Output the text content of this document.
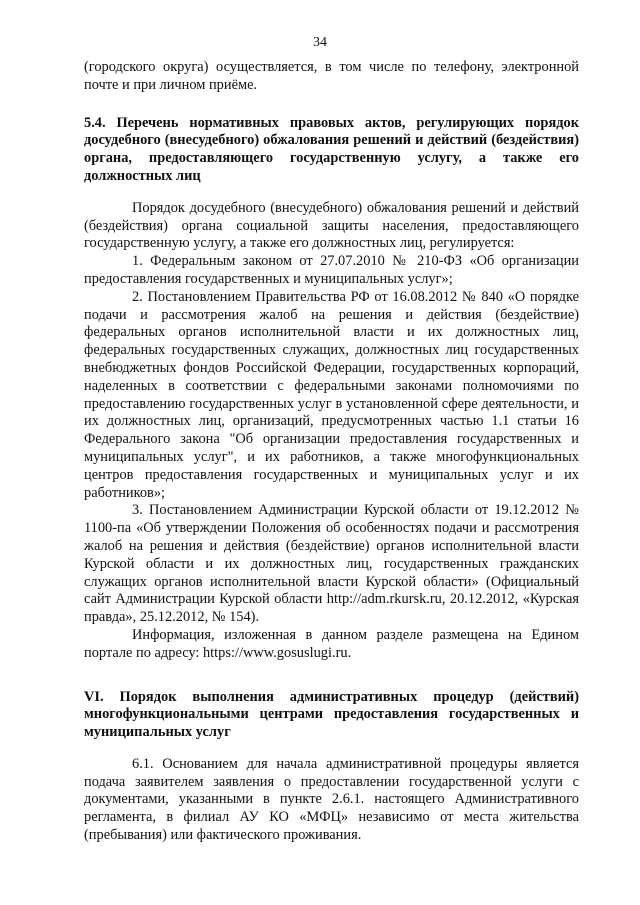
34

(городского округа) осуществляется, в том числе по телефону, электронной почте и при личном приёме.

5.4. Перечень нормативных правовых актов, регулирующих порядок досудебного (внесудебного) обжалования решений и действий (бездействия) органа, предоставляющего государственную услугу, а также его должностных лиц

Порядок досудебного (внесудебного) обжалования решений и действий (бездействия) органа социальной защиты населения, предоставляющего государственную услугу, а также его должностных лиц, регулируется:

1. Федеральным законом от 27.07.2010 № 210-ФЗ «Об организации предоставления государственных и муниципальных услуг»;

2. Постановлением Правительства РФ от 16.08.2012 № 840 «О порядке подачи и рассмотрения жалоб на решения и действия (бездействие) федеральных органов исполнительной власти и их должностных лиц, федеральных государственных служащих, должностных лиц государственных внебюджетных фондов Российской Федерации, государственных корпораций, наделенных в соответствии с федеральными законами полномочиями по предоставлению государственных услуг в установленной сфере деятельности, и их должностных лиц, организаций, предусмотренных частью 1.1 статьи 16 Федерального закона "Об организации предоставления государственных и муниципальных услуг", и их работников, а также многофункциональных центров предоставления государственных и муниципальных услуг и их работников»;

3. Постановлением Администрации Курской области от 19.12.2012 № 1100-па «Об утверждении Положения об особенностях подачи и рассмотрения жалоб на решения и действия (бездействие) органов исполнительной власти Курской области и их должностных лиц, государственных гражданских служащих органов исполнительной власти Курской области» (Официальный сайт Администрации Курской области http://adm.rkursk.ru, 20.12.2012, «Курская правда», 25.12.2012, № 154).

Информация, изложенная в данном разделе размещена на Едином портале по адресу: https://www.gosuslugi.ru.

VI. Порядок выполнения административных процедур (действий) многофункциональными центрами предоставления государственных и муниципальных услуг

6.1. Основанием для начала административной процедуры является подача заявителем заявления о предоставлении государственной услуги с документами, указанными в пункте 2.6.1. настоящего Административного регламента, в филиал АУ КО «МФЦ» независимо от места жительства (пребывания) или фактического проживания.
